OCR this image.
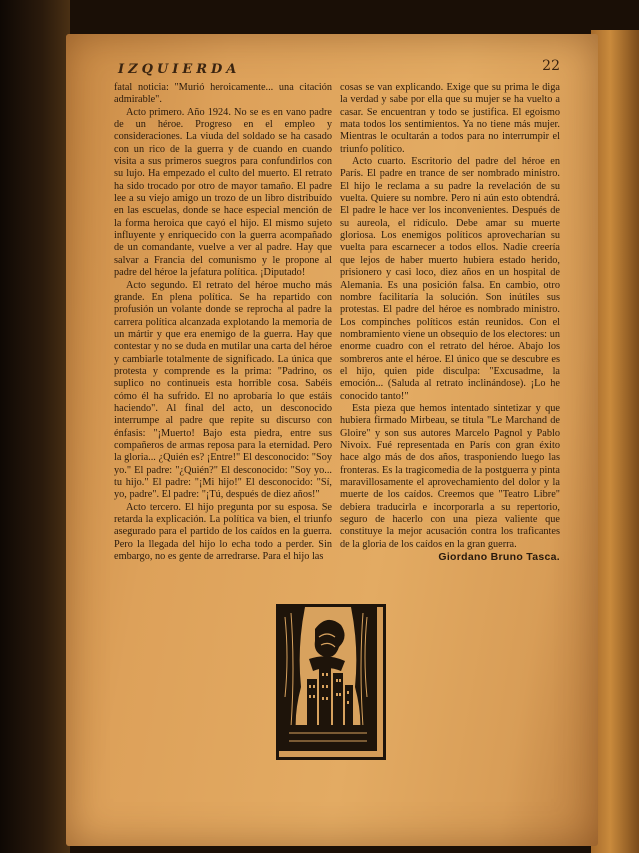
IZQUIERDA	22

fatal noticia: "Murió heroicamente... una citación admirable".

Acto primero. Año 1924. No se es en vano padre de un héroe. Progreso en el empleo y consideraciones. La viuda del soldado se ha casado con un rico de la guerra y de cuando en cuando visita a sus primeros suegros para confundirlos con su lujo. Ha empezado el culto del muerto. El retrato ha sido trocado por otro de mayor tamaño. El padre lee a su viejo amigo un trozo de un libro distribuído en las escuelas, donde se hace especial mención de la forma heroica que cayó el hijo. El mismo sujeto influyente y enriquecido con la guerra acompañado de un comandante, vuelve a ver al padre. Hay que salvar a Francia del comunismo y le propone al padre del héroe la jefatura política. ¡Diputado!

Acto segundo. El retrato del héroe mucho más grande. En plena política. Se ha repartido con profusión un volante donde se reprocha al padre la carrera política alcanzada explotando la memoria de un mártir y que era enemigo de la guerra. Hay que contestar y no se duda en mutilar una carta del héroe y cambiarle totalmente de significado. La única que protesta y comprende es la prima: "Padrino, os suplico no continueis esta horrible cosa. Sabéis cómo él ha sufrido. El no aprobaría lo que estáis haciendo". Al final del acto, un desconocido interrumpe al padre que repite su discurso con énfasis: "¡Muerto! Bajo esta piedra, entre sus compañeros de armas reposa para la eternidad. Pero la gloria... ¿Quién es? ¡Entre!" El desconocido: "Soy yo." El padre: "¿Quién?" El desconocido: "Soy yo... tu hijo." El padre: "¡Mi hijo!" El desconocido: "Sí, yo, padre". El padre: "¡Tú, después de diez años!"

Acto tercero. El hijo pregunta por su esposa. Se retarda la explicación. La política va bien, el triunfo asegurado para el partido de los caídos en la guerra. Pero la llegada del hijo lo echa todo a perder. Sin embargo, no es gente de arredrarse. Para el hijo las

cosas se van explicando. Exige que su prima le diga la verdad y sabe por ella que su mujer se ha vuelto a casar. Se encuentran y todo se justifica. El egoismo mata todos los sentimientos. Ya no tiene más mujer. Mientras le ocultarán a todos para no interrumpir el triunfo político.

Acto cuarto. Escritorio del padre del héroe en París. El padre en trance de ser nombrado ministro. El hijo le reclama a su padre la revelación de su vuelta. Quiere su nombre. Pero ni aún esto obtendrá. El padre le hace ver los inconvenientes. Después de su aureola, el ridículo. Debe amar su muerte gloriosa. Los enemigos políticos aprovecharían su vuelta para escarnecer a todos ellos. Nadie creería que lejos de haber muerto hubiera estado herido, prisionero y casi loco, diez años en un hospital de Alemania. Es una posición falsa. En cambio, otro nombre facilitaría la solución. Son inútiles sus protestas. El padre del héroe es nombrado ministro. Los compinches políticos están reunidos. Con el nombramiento viene un obsequio de los electores: un enorme cuadro con el retrato del héroe. Abajo los sombreros ante el héroe. El único que se descubre es el hijo, quien pide disculpa: "Excusadme, la emoción... (Saluda al retrato inclinándose). ¡Lo he conocido tanto!"

Esta pieza que hemos intentado sintetizar y que hubiera firmado Mirbeau, se titula "Le Marchand de Gloire" y son sus autores Marcelo Pagnol y Pablo Nivoix. Fué representada en París con gran éxito hace algo más de dos años, trasponiendo luego las fronteras. Es la tragicomedia de la postguerra y pinta maravillosamente el aprovechamiento del dolor y la muerte de los caídos. Creemos que "Teatro Libre" debiera traducirla e incorporarla a su repertorio, seguro de hacerlo con una pieza valiente que constituye la mejor acusación contra los traficantes de la gloria de los caídos en la gran guerra.

Giordano Bruno Tasca.
